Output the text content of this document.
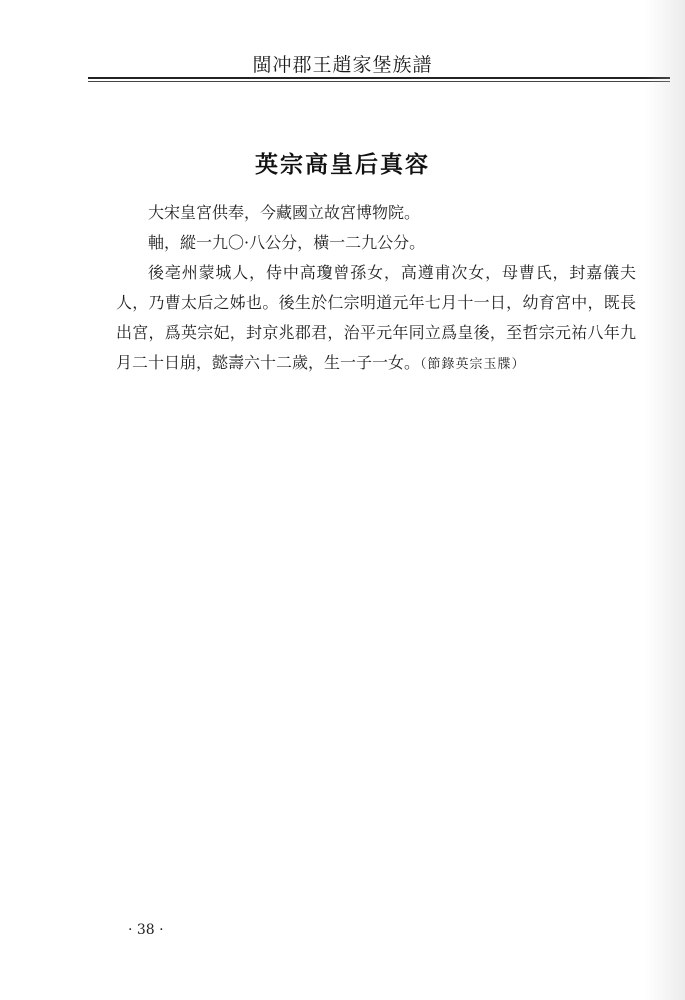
閩冲郡王趙家堡族譜
英宗高皇后真容

大宋皇宮供奉，今藏國立故宮博物院。

軸，縱一九〇·八公分，橫一二九公分。

後亳州蒙城人，侍中高瓊曾孫女，高遵甫次女，母曹氏，封嘉儀夫人，乃曹太后之姊也。後生於仁宗明道元年七月十一日，幼育宮中，既長出宮，爲英宗妃，封京兆郡君，治平元年同立爲皇後，至哲宗元祐八年九月二十日崩，懿壽六十二歲，生一子一女。（節錄英宗玉牒）

· 38 ·
